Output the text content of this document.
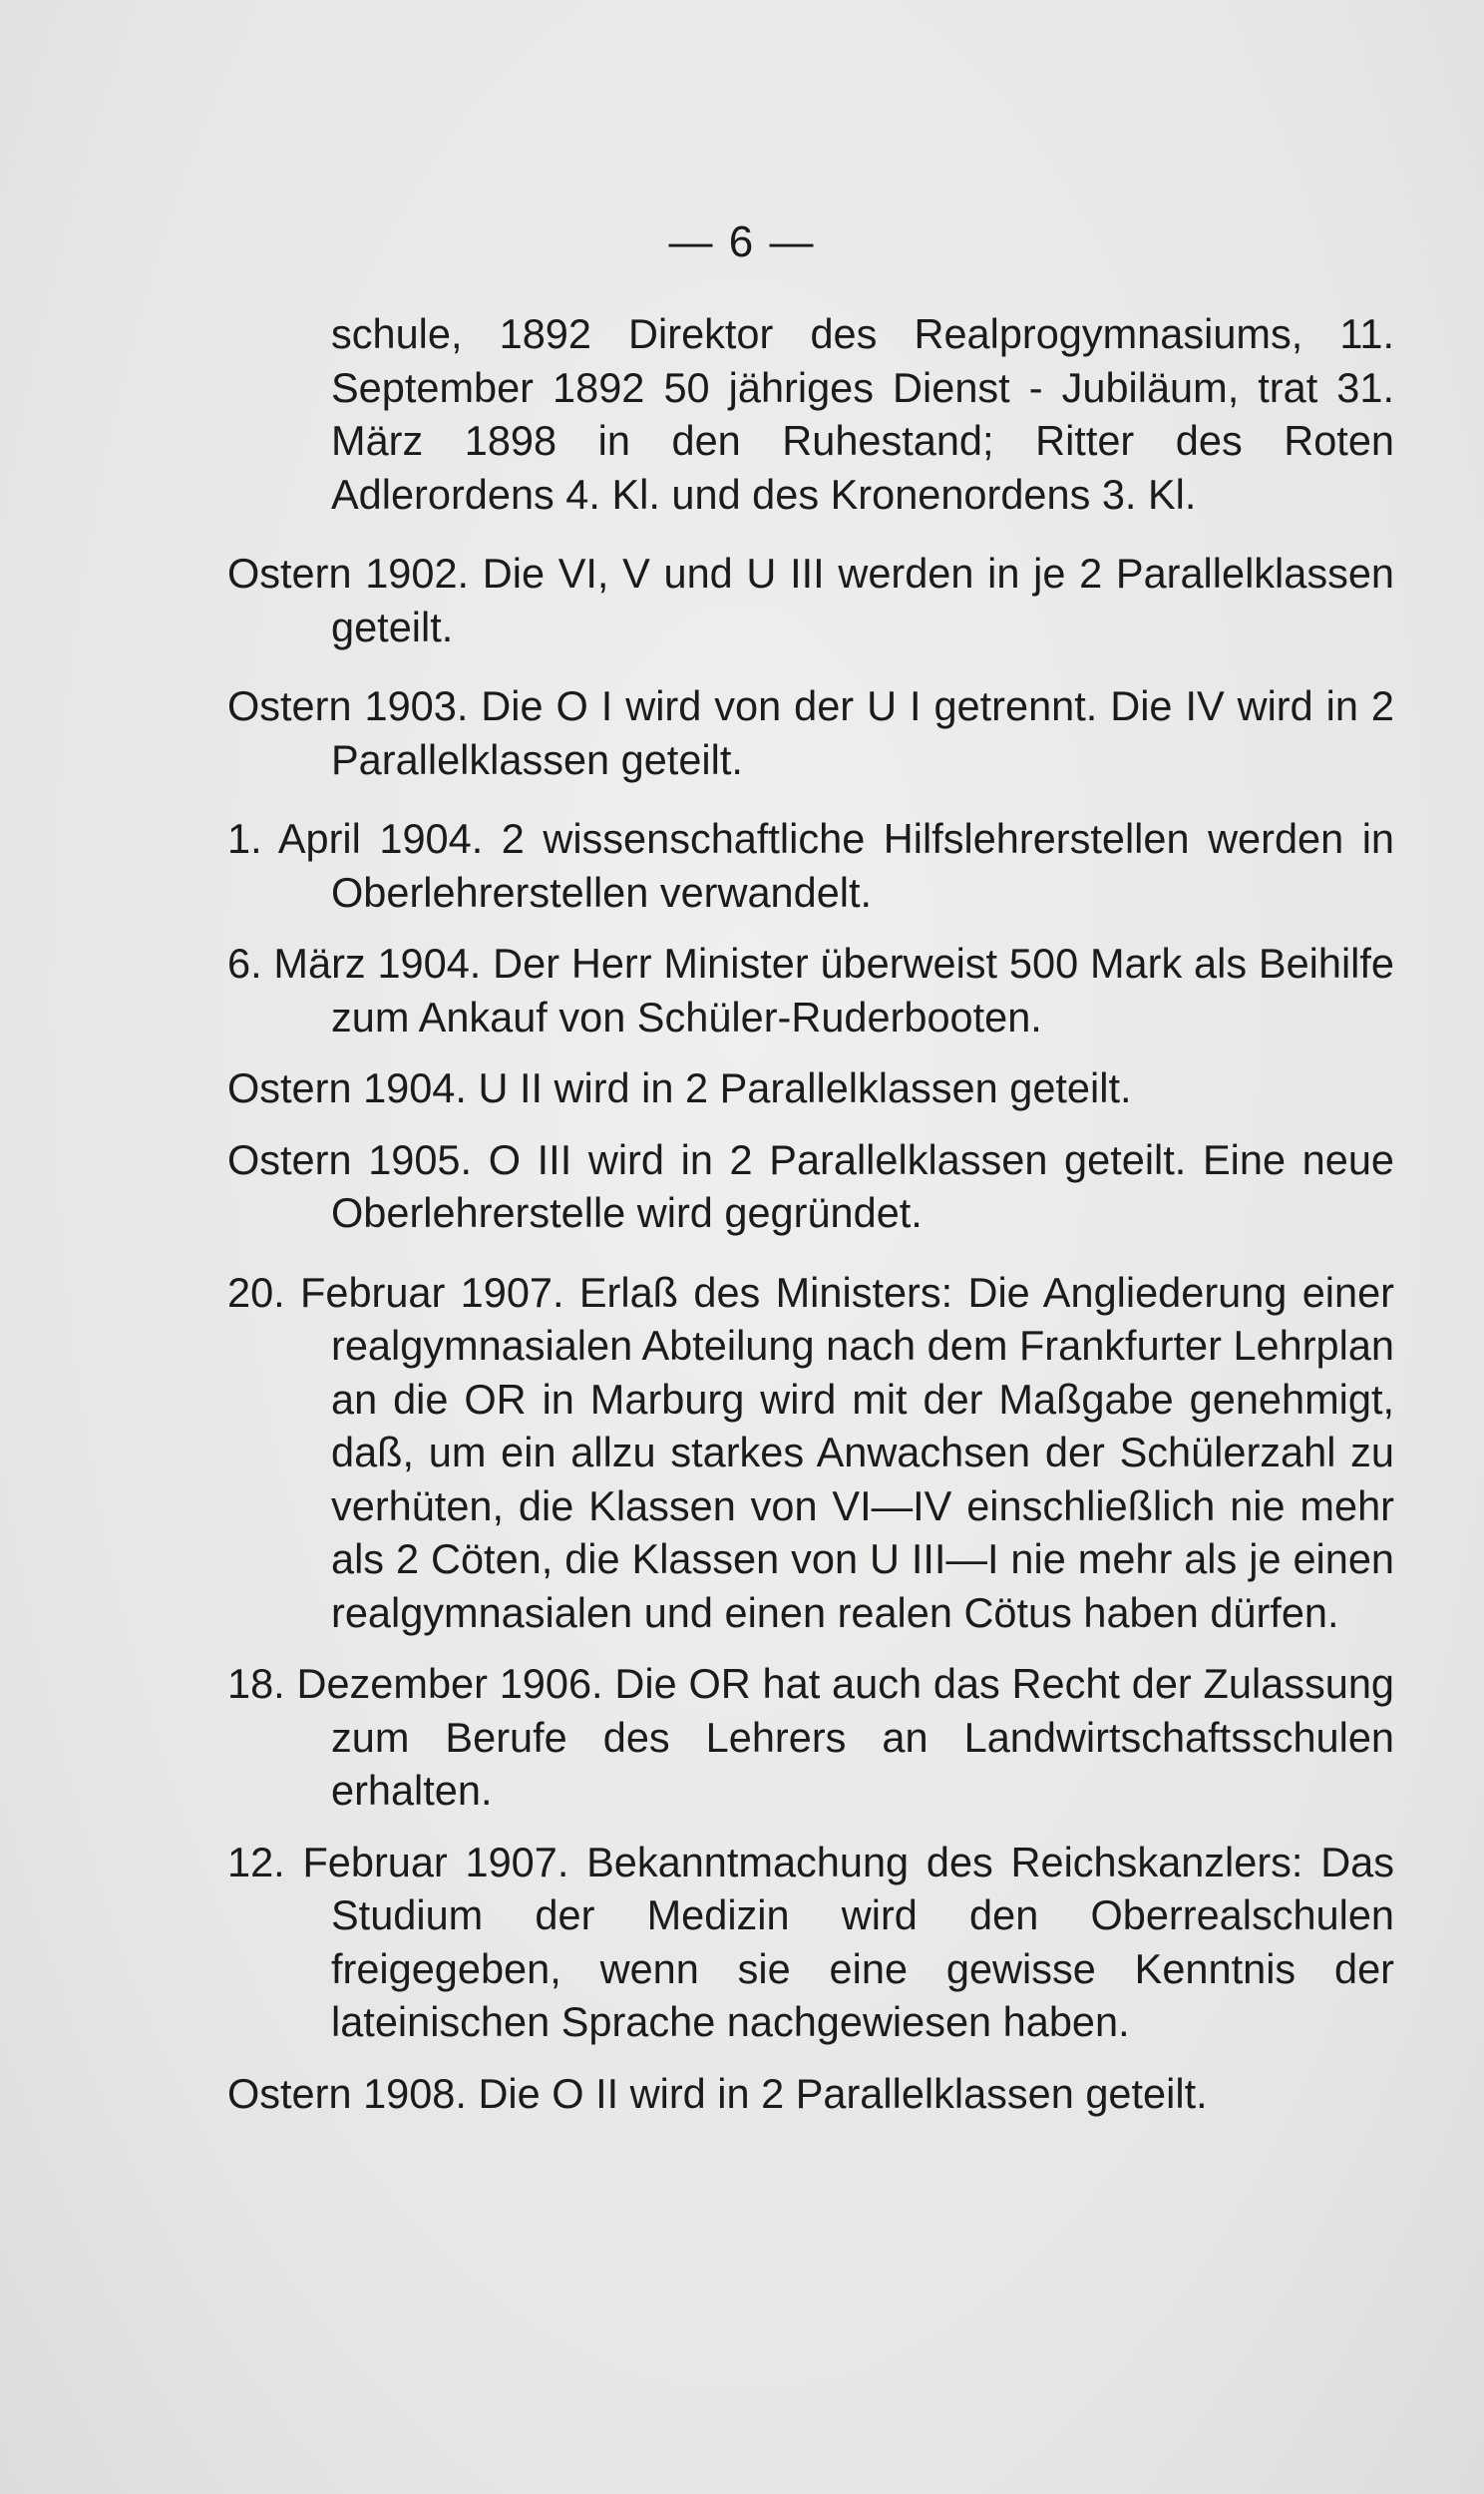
— 6 —

schule, 1892 Direktor des Realprogymnasiums, 11. September 1892 50 jähriges Dienst - Jubiläum, trat 31. März 1898 in den Ruhestand; Ritter des Roten Adlerordens 4. Kl. und des Kronenordens 3. Kl.

Ostern 1902. Die VI, V und U III werden in je 2 Parallelklassen geteilt.

Ostern 1903. Die O I wird von der U I getrennt. Die IV wird in 2 Parallelklassen geteilt.

1. April 1904. 2 wissenschaftliche Hilfslehrerstellen werden in Oberlehrerstellen verwandelt.

6. März 1904. Der Herr Minister überweist 500 Mark als Beihilfe zum Ankauf von Schüler-Ruderbooten.

Ostern 1904. U II wird in 2 Parallelklassen geteilt.

Ostern 1905. O III wird in 2 Parallelklassen geteilt. Eine neue Oberlehrerstelle wird gegründet.

20. Februar 1907. Erlaß des Ministers: Die Angliederung einer realgymnasialen Abteilung nach dem Frankfurter Lehrplan an die OR in Marburg wird mit der Maßgabe genehmigt, daß, um ein allzu starkes Anwachsen der Schülerzahl zu verhüten, die Klassen von VI—IV einschließlich nie mehr als 2 Cöten, die Klassen von U III—I nie mehr als je einen realgymnasialen und einen realen Cötus haben dürfen.

18. Dezember 1906. Die OR hat auch das Recht der Zulassung zum Berufe des Lehrers an Landwirtschaftsschulen erhalten.

12. Februar 1907. Bekanntmachung des Reichskanzlers: Das Studium der Medizin wird den Oberrealschulen freigegeben, wenn sie eine gewisse Kenntnis der lateinischen Sprache nachgewiesen haben.

Ostern 1908. Die O II wird in 2 Parallelklassen geteilt.
